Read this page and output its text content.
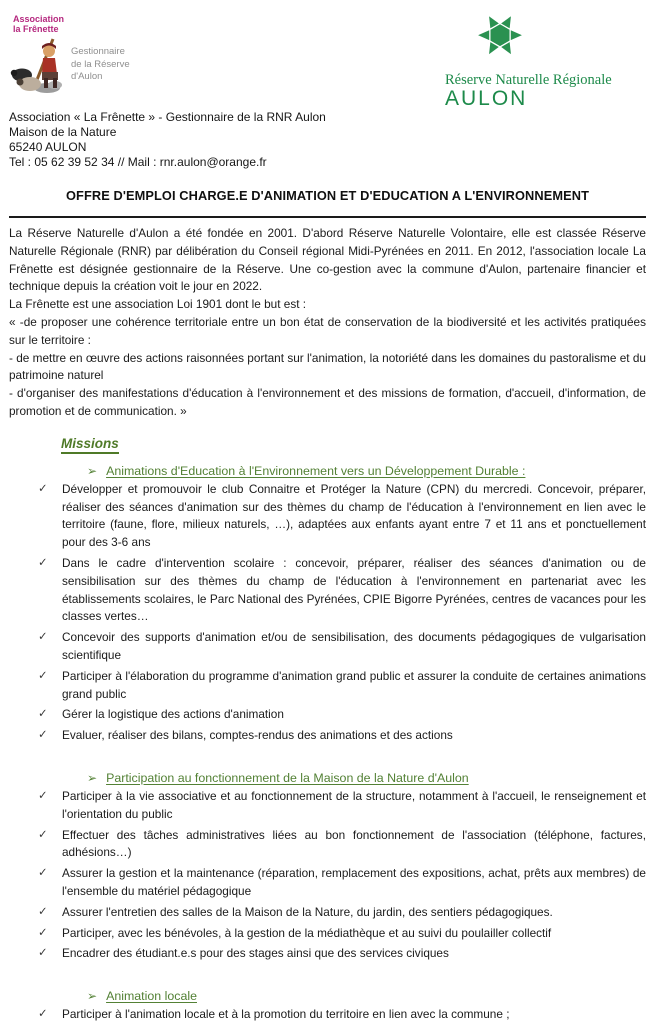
Association
la Frênette
Gestionnaire
de la Réserve
d'Aulon	Réserve Naturelle Régionale
AULON
Association « La Frênette » - Gestionnaire de la RNR Aulon
Maison de la Nature
65240 AULON
Tel : 05 62 39 52 34 // Mail : rnr.aulon@orange.fr
OFFRE D'EMPLOI CHARGE.E D'ANIMATION ET D'EDUCATION A L'ENVIRONNEMENT

La Réserve Naturelle d'Aulon a été fondée en 2001. D'abord Réserve Naturelle Volontaire, elle est classée Réserve Naturelle Régionale (RNR) par délibération du Conseil régional Midi-Pyrénées en 2011. En 2012, l'association locale La Frênette est désignée gestionnaire de la Réserve. Une co-gestion avec la commune d'Aulon, partenaire financier et technique depuis la création voit le jour en 2022.

La Frênette est une association Loi 1901 dont le but est :

« -de proposer une cohérence territoriale entre un bon état de conservation de la biodiversité et les activités pratiquées sur le territoire :

- de mettre en œuvre des actions raisonnées portant sur l'animation, la notoriété dans les domaines du pastoralisme et du patrimoine naturel

- d'organiser des manifestations d'éducation à l'environnement et des missions de formation, d'accueil, d'information, de promotion et de communication. »

Missions
➢ Animations d'Education à l'Environnement vers un Développement Durable :
✓ Développer et promouvoir le club Connaitre et Protéger la Nature (CPN) du mercredi. Concevoir, préparer, réaliser des séances d'animation sur des thèmes du champ de l'éducation à l'environnement en lien avec le territoire (faune, flore, milieux naturels, …), adaptées aux enfants ayant entre 7 et 11 ans et ponctuellement pour des 3-6 ans
✓ Dans le cadre d'intervention scolaire : concevoir, préparer, réaliser des séances d'animation ou de sensibilisation sur des thèmes du champ de l'éducation à l'environnement en partenariat avec les établissements scolaires, le Parc National des Pyrénées, CPIE Bigorre Pyrénées, centres de vacances pour les classes vertes…
✓ Concevoir des supports d'animation et/ou de sensibilisation, des documents pédagogiques de vulgarisation scientifique
✓ Participer à l'élaboration du programme d'animation grand public et assurer la conduite de certaines animations grand public
✓ Gérer la logistique des actions d'animation
✓ Evaluer, réaliser des bilans, comptes-rendus des animations et des actions
➢ Participation au fonctionnement de la Maison de la Nature d'Aulon
✓ Participer à la vie associative et au fonctionnement de la structure, notamment à l'accueil, le renseignement et l'orientation du public
✓ Effectuer des tâches administratives liées au bon fonctionnement de l'association (téléphone, factures, adhésions…)
✓ Assurer la gestion et la maintenance (réparation, remplacement des expositions, achat, prêts aux membres) de l'ensemble du matériel pédagogique
✓ Assurer l'entretien des salles de la Maison de la Nature, du jardin, des sentiers pédagogiques.
✓ Participer, avec les bénévoles, à la gestion de la médiathèque et au suivi du poulailler collectif
✓ Encadrer des étudiant.e.s pour des stages ainsi que des services civiques
➢ Animation locale
✓ Participer à l'animation locale et à la promotion du territoire en lien avec la commune ;
